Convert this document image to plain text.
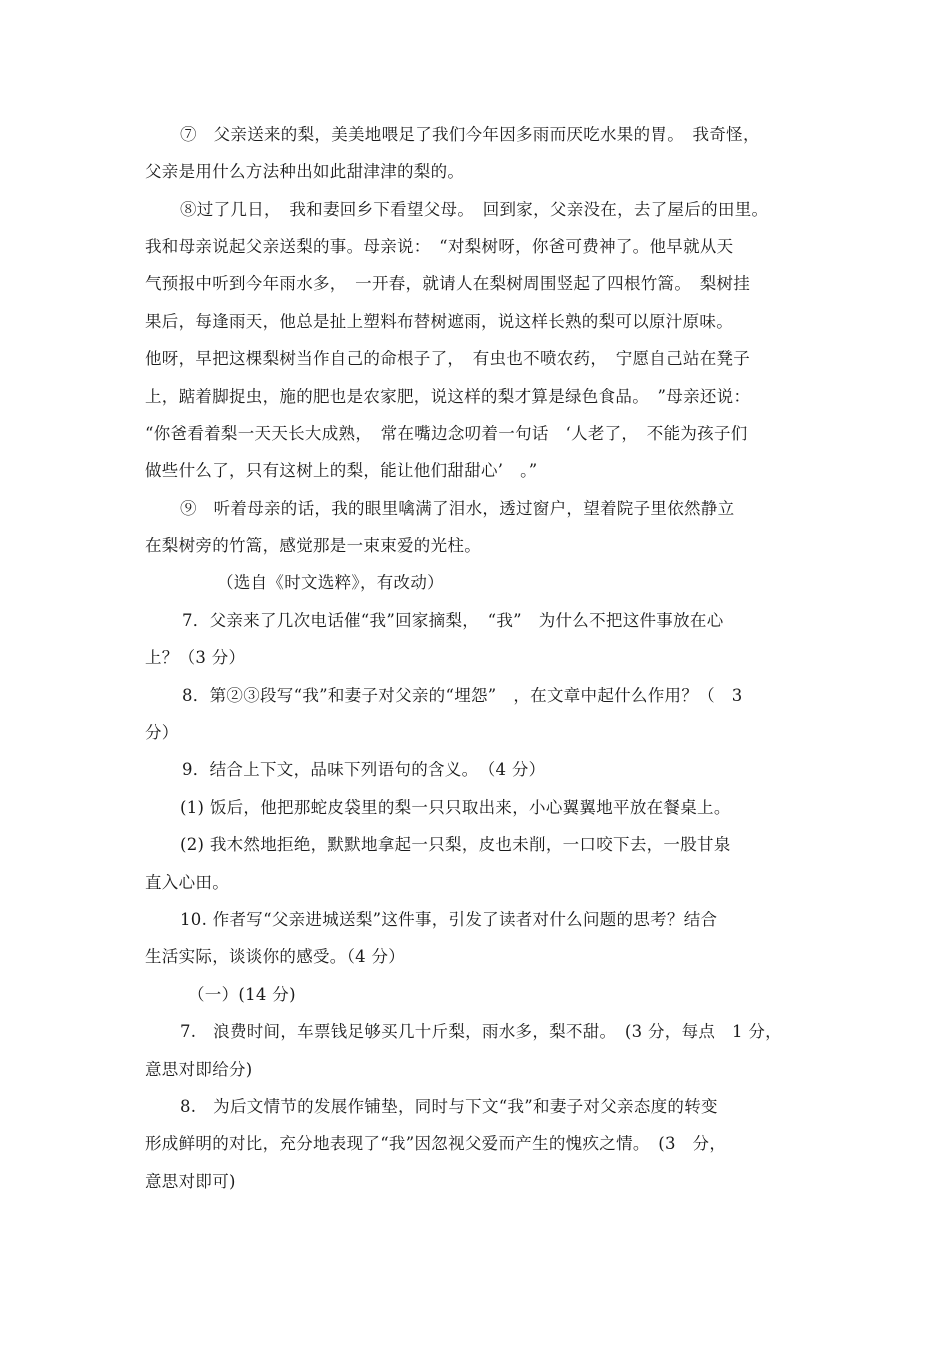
⑦　父亲送来的梨，美美地喂足了我们今年因多雨而厌吃水果的胃。　我奇怪，
父亲是用什么方法种出如此甜津津的梨的。
⑧过了几日，　我和妻回乡下看望父母。　回到家，父亲没在，去了屋后的田里。
我和母亲说起父亲送梨的事。母亲说：　“对梨树呀，你爸可费神了。他早就从天
气预报中听到今年雨水多，　一开春，就请人在梨树周围竖起了四根竹篙。　梨树挂
果后，每逢雨天，他总是扯上塑料布替树遮雨，说这样长熟的梨可以原汁原味。
他呀，早把这棵梨树当作自己的命根子了，　有虫也不喷农药，　宁愿自己站在凳子
上，踮着脚捉虫，施的肥也是农家肥，说这样的梨才算是绿色食品。　”母亲还说：
“你爸看着梨一天天长大成熟，　常在嘴边念叨着一句话　‘人老了，　不能为孩子们
做些什么了，只有这树上的梨，能让他们甜甜心’　。”
⑨　听着母亲的话，我的眼里噙满了泪水，透过窗户，望着院子里依然静立
在梨树旁的竹篙，感觉那是一束束爱的光柱。
（选自《时文选粹》，有改动）
7．父亲来了几次电话催“我”回家摘梨，　“我”　为什么不把这件事放在心
上？（3 分）
8．第②③段写“我”和妻子对父亲的“埋怨”　，在文章中起什么作用？（　3
分）
9．结合上下文，品味下列语句的含义。　（4 分）
(1) 饭后，他把那蛇皮袋里的梨一只只取出来，小心翼翼地平放在餐桌上。
(2) 我木然地拒绝，默默地拿起一只梨，皮也未削，一口咬下去，一股甘泉
直入心田。
10. 作者写“父亲进城送梨”这件事，引发了读者对什么问题的思考？结合
生活实际，谈谈你的感受。（4 分）
（一）(14 分)
7.　浪费时间，车票钱足够买几十斤梨，雨水多，梨不甜。　(3 分，每点　1 分，
意思对即给分)
8.　为后文情节的发展作铺垫，同时与下文“我”和妻子对父亲态度的转变
形成鲜明的对比，充分地表现了“我”因忽视父爱而产生的愧疚之情。　(3　分，
意思对即可)
